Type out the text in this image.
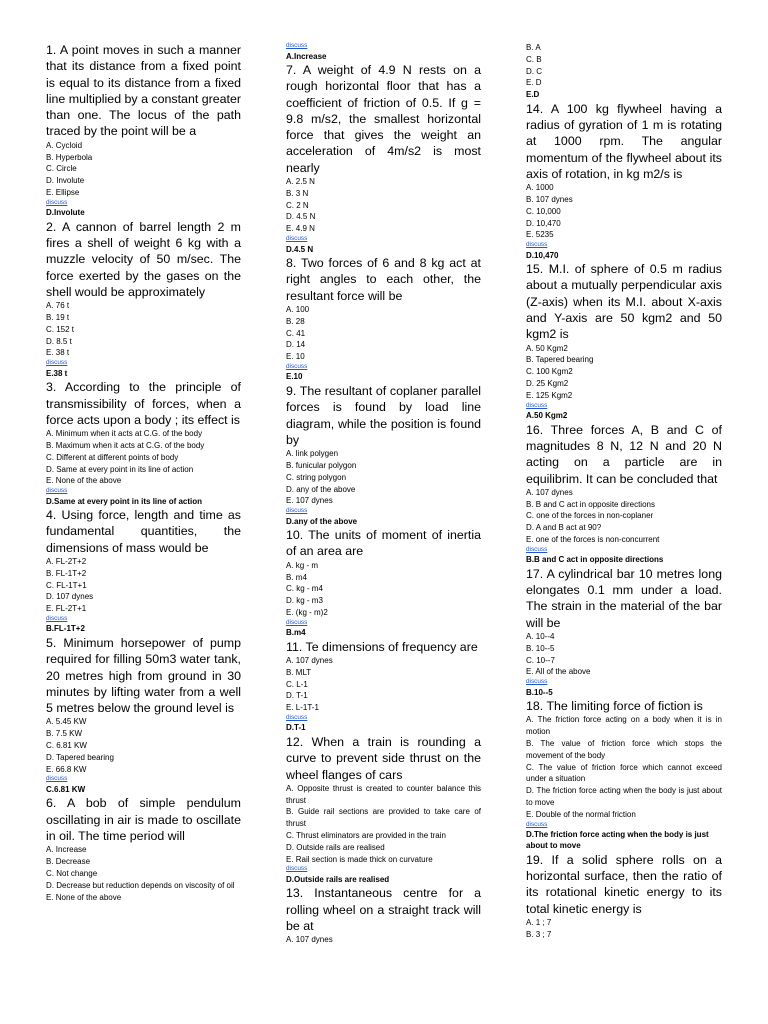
1. A point moves in such a manner that its distance from a fixed point is equal to its distance from a fixed line multiplied by a constant greater than one. The locus of the path traced by the point will be a

A. Cycloid
B. Hyperbola
C. Circle
D. Involute
E. Ellipse
discuss
D.Involute

2. A cannon of barrel length 2 m fires a shell of weight 6 kg with a muzzle velocity of 50 m/sec. The force exerted by the gases on the shell would be approximately

A. 76 t
B. 19 t
C. 152 t
D. 8.5 t
E. 38 t
discuss
E.38 t

3. According to the principle of transmissibility of forces, when a force acts upon a body ; its effect is

A. Minimum when it acts at C.G. of the body
B. Maximum when it acts at C.G. of the body
C. Different at different points of body
D. Same at every point in its line of action
E. None of the above
discuss
D.Same at every point in its line of action

4. Using force, length and time as fundamental quantities, the dimensions of mass would be

A. FL-2T+2
B. FL-1T+2
C. FL-1T+1
D. 107 dynes
E. FL-2T+1
discuss
B.FL-1T+2

5. Minimum horsepower of pump required for filling 50m3 water tank, 20 metres high from ground in 30 minutes by lifting water from a well 5 metres below the ground level is

A. 5.45 KW
B. 7.5 KW
C. 6.81 KW
D. Tapered bearing
E. 66.8 KW
discuss
C.6.81 KW

6. A bob of simple pendulum oscillating in air is made to oscillate in oil. The time period will

A. Increase
B. Decrease
C. Not change
D. Decrease but reduction depends on viscosity of oil
E. None of the above
discuss
A.Increase

7. A weight of 4.9 N rests on a rough horizontal floor that has a coefficient of friction of 0.5. If g = 9.8 m/s2, the smallest horizontal force that gives the weight an acceleration of 4m/s2 is most nearly

A. 2.5 N
B. 3 N
C. 2 N
D. 4.5 N
E. 4.9 N
discuss
D.4.5 N

8. Two forces of 6 and 8 kg act at right angles to each other, the resultant force will be

A. 100
B. 28
C. 41
D. 14
E. 10
discuss
E.10

9. The resultant of coplaner parallel forces is found by load line diagram, while the position is found by

A. link polygen
B. funicular polygon
C. string polygon
D. any of the above
E. 107 dynes
discuss
D.any of the above

10. The units of moment of inertia of an area are

A. kg - m
B. m4
C. kg - m4
D. kg - m3
E. (kg - m)2
discuss
B.m4

11. Te dimensions of frequency are

A. 107 dynes
B. MLT
C. L-1
D. T-1
E. L-1T-1
discuss
D.T-1

12. When a train is rounding a curve to prevent side thrust on the wheel flanges of cars

A. Opposite thrust is created to counter balance this thrust
B. Guide rail sections are provided to take care of thrust
C. Thrust eliminators are provided in the train
D. Outside rails are realised
E. Rail section is made thick on curvature
discuss
D.Outside rails are realised

13. Instantaneous centre for a rolling wheel on a straight track will be at

A. 107 dynes
B. A
C. B
D. C
E. D
E.D

14. A 100 kg flywheel having a radius of gyration of 1 m is rotating at 1000 rpm. The angular momentum of the flywheel about its axis of rotation, in kg m2/s is

A. 1000
B. 107 dynes
C. 10,000
D. 10,470
E. 5235
discuss
D.10,470

15. M.I. of sphere of 0.5 m radius about a mutually perpendicular axis (Z-axis) when its M.I. about X-axis and Y-axis are 50 kgm2 and 50 kgm2 is

A. 50 Kgm2
B. Tapered bearing
C. 100 Kgm2
D. 25 Kgm2
E. 125 Kgm2
discuss
A.50 Kgm2

16. Three forces A, B and C of magnitudes 8 N, 12 N and 20 N acting on a particle are in equilibrim. It can be concluded that

A. 107 dynes
B. B and C act in opposite directions
C. one of the forces in non-coplaner
D. A and B act at 90?
E. one of the forces is non-concurrent
discuss
B.B and C act in opposite directions

17. A cylindrical bar 10 metres long elongates 0.1 mm under a load. The strain in the material of the bar will be

A. 10--4
B. 10--5
C. 10--7
E. All of the above
discuss
B.10--5

18. The limiting force of fiction is

A. The friction force acting on a body when it is in motion
B. The value of friction force which stops the movement of the body
C. The value of friction force which cannot exceed under a situation
D. The friction force acting when the body is just about to move
E. Double of the normal friction
discuss
D.The friction force acting when the body is just about to move

19. If a solid sphere rolls on a horizontal surface, then the ratio of its rotational kinetic energy to its total kinetic energy is

A. 1 ; 7
B. 3 ; 7
